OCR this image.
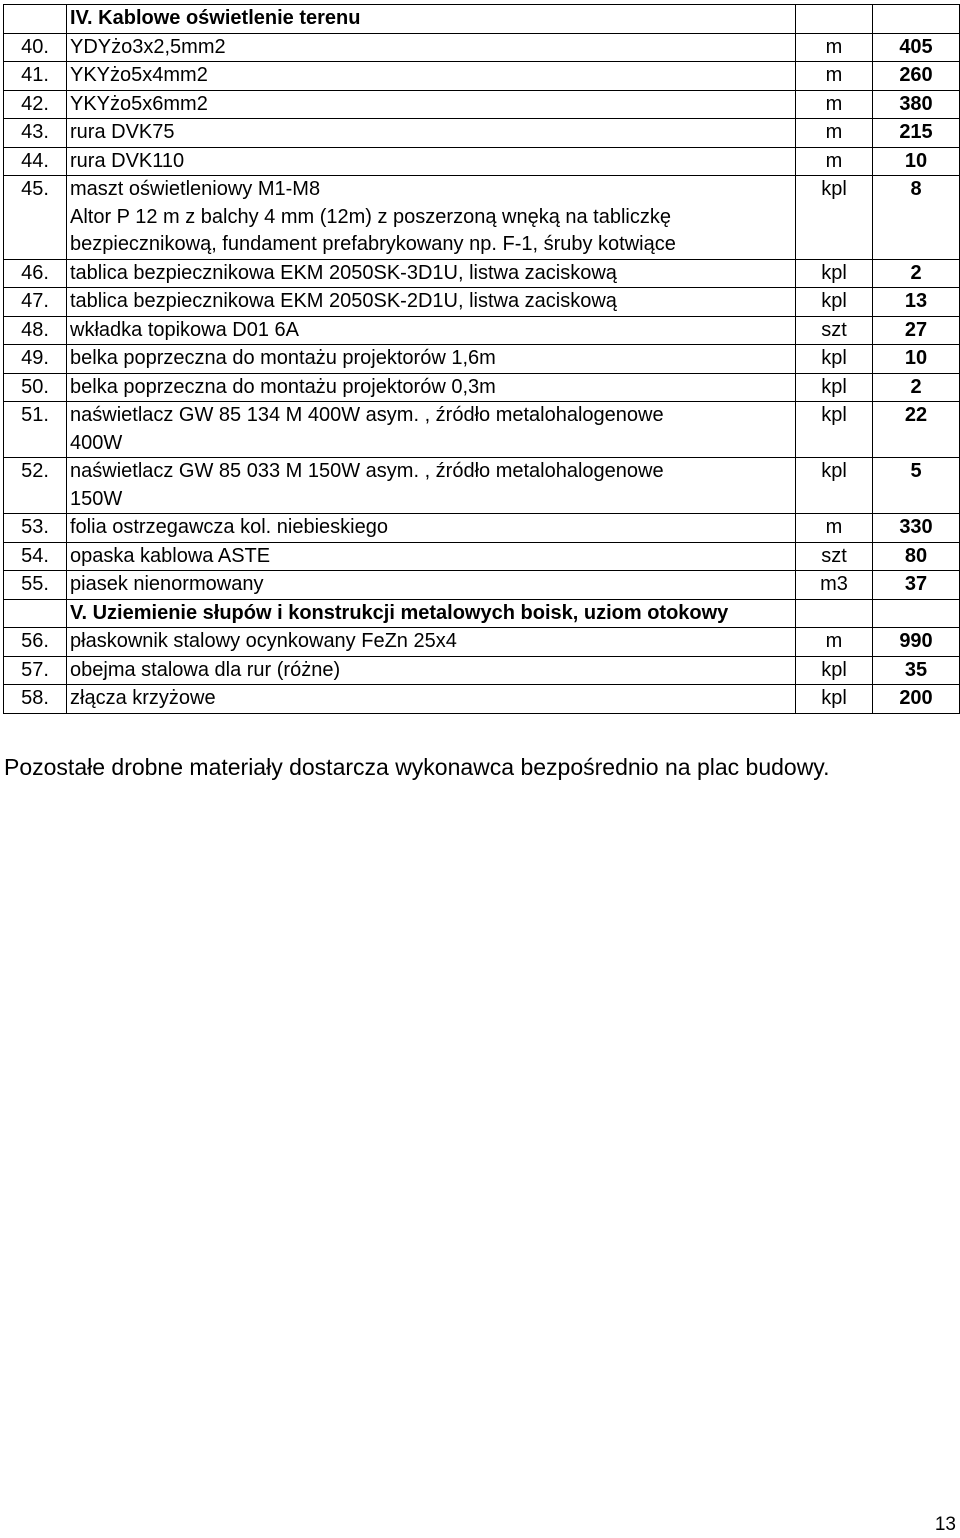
	IV. Kablowe oświetlenie terenu		
40.	YDYżo3x2,5mm2	m	405
41.	YKYżo5x4mm2	m	260
42.	YKYżo5x6mm2	m	380
43.	rura DVK75	m	215
44.	rura DVK110	m	10
45.	maszt oświetleniowy M1-M8
Altor P 12 m z balchy 4 mm (12m) z poszerzoną wnęką na tabliczkę
bezpiecznikową, fundament prefabrykowany np. F-1, śruby kotwiące	kpl	8
46.	tablica bezpiecznikowa EKM 2050SK-3D1U, listwa zaciskową	kpl	2
47.	tablica bezpiecznikowa EKM 2050SK-2D1U, listwa zaciskową	kpl	13
48.	wkładka topikowa D01 6A	szt	27
49.	belka poprzeczna do montażu projektorów 1,6m	kpl	10
50.	belka poprzeczna do montażu projektorów 0,3m	kpl	2
51.	naświetlacz GW 85 134 M 400W asym. , źródło metalohalogenowe
400W	kpl	22
52.	naświetlacz GW 85 033 M 150W asym. , źródło metalohalogenowe
150W	kpl	5
53.	folia ostrzegawcza kol. niebieskiego	m	330
54.	opaska kablowa ASTE	szt	80
55.	piasek nienormowany	m3	37
	V. Uziemienie słupów i konstrukcji metalowych boisk, uziom otokowy		
56.	płaskownik stalowy ocynkowany FeZn 25x4	m	990
57.	obejma stalowa dla rur (różne)	kpl	35
58.	złącza krzyżowe	kpl	200
Pozostałe drobne materiały dostarcza wykonawca bezpośrednio na plac budowy.
13
